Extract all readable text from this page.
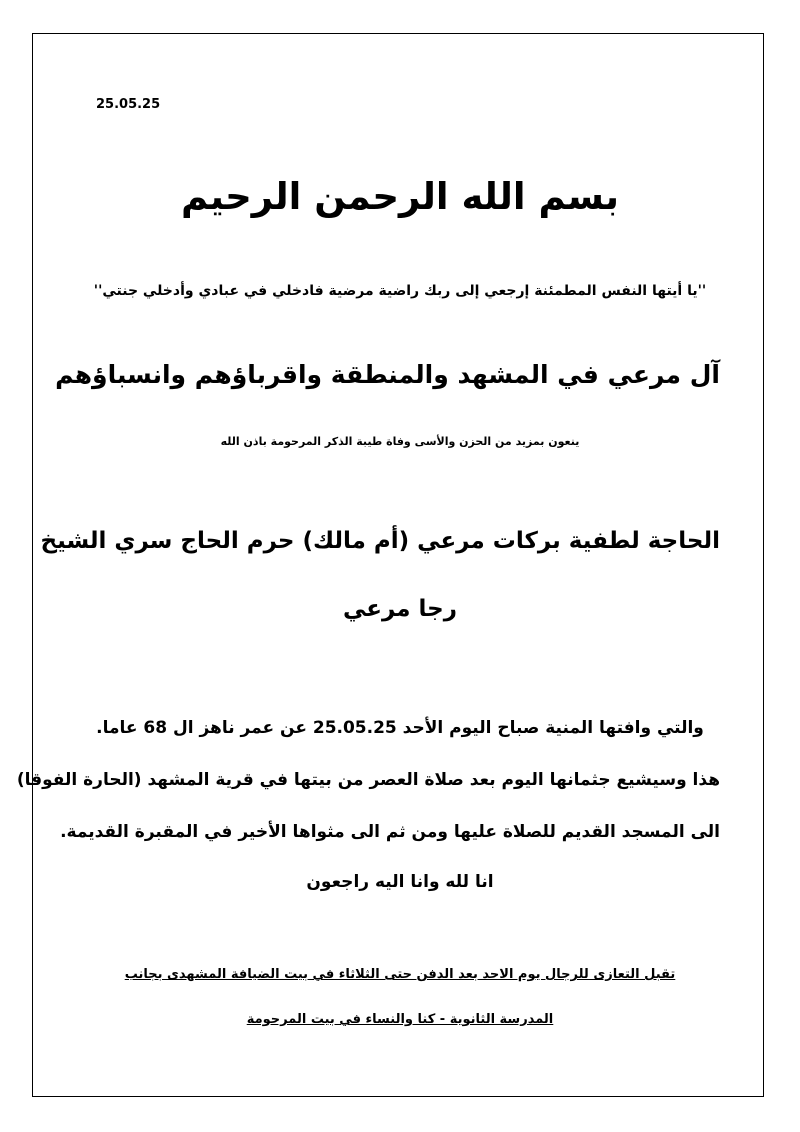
25.05.25
بسم الله الرحمن الرحيم
''يا أيتها النفس المطمئنة إرجعي إلى ربك راضية مرضية فادخلي في عبادي وأدخلي جنتي''
آل مرعي في المشهد والمنطقة واقرباؤهم وانسباؤهم
ينعون بمزيد من الحزن والأسى وفاة طيبة الذكر المرحومة باذن الله
الحاجة لطفية بركات مرعي (أم مالك) حرم الحاج سري الشيخ
رجا مرعي
والتي وافتها المنية صباح اليوم الأحد 25.05.25 عن عمر ناهز ال 68 عاما.
هذا وسيشيع جثمانها اليوم بعد صلاة العصر من بيتها في قرية المشهد (الحارة الفوقا)
الى المسجد القديم للصلاة عليها ومن ثم الى مثواها الأخير في المقبرة القديمة.
انا لله وانا اليه راجعون
تقبل التعازى للرجال يوم الاحد بعد الدفن حتى الثلاثاء في بيت الضيافة المشهدى بجانب
المدرسة الثانوية - كنا والنساء في بيت المرحومة
